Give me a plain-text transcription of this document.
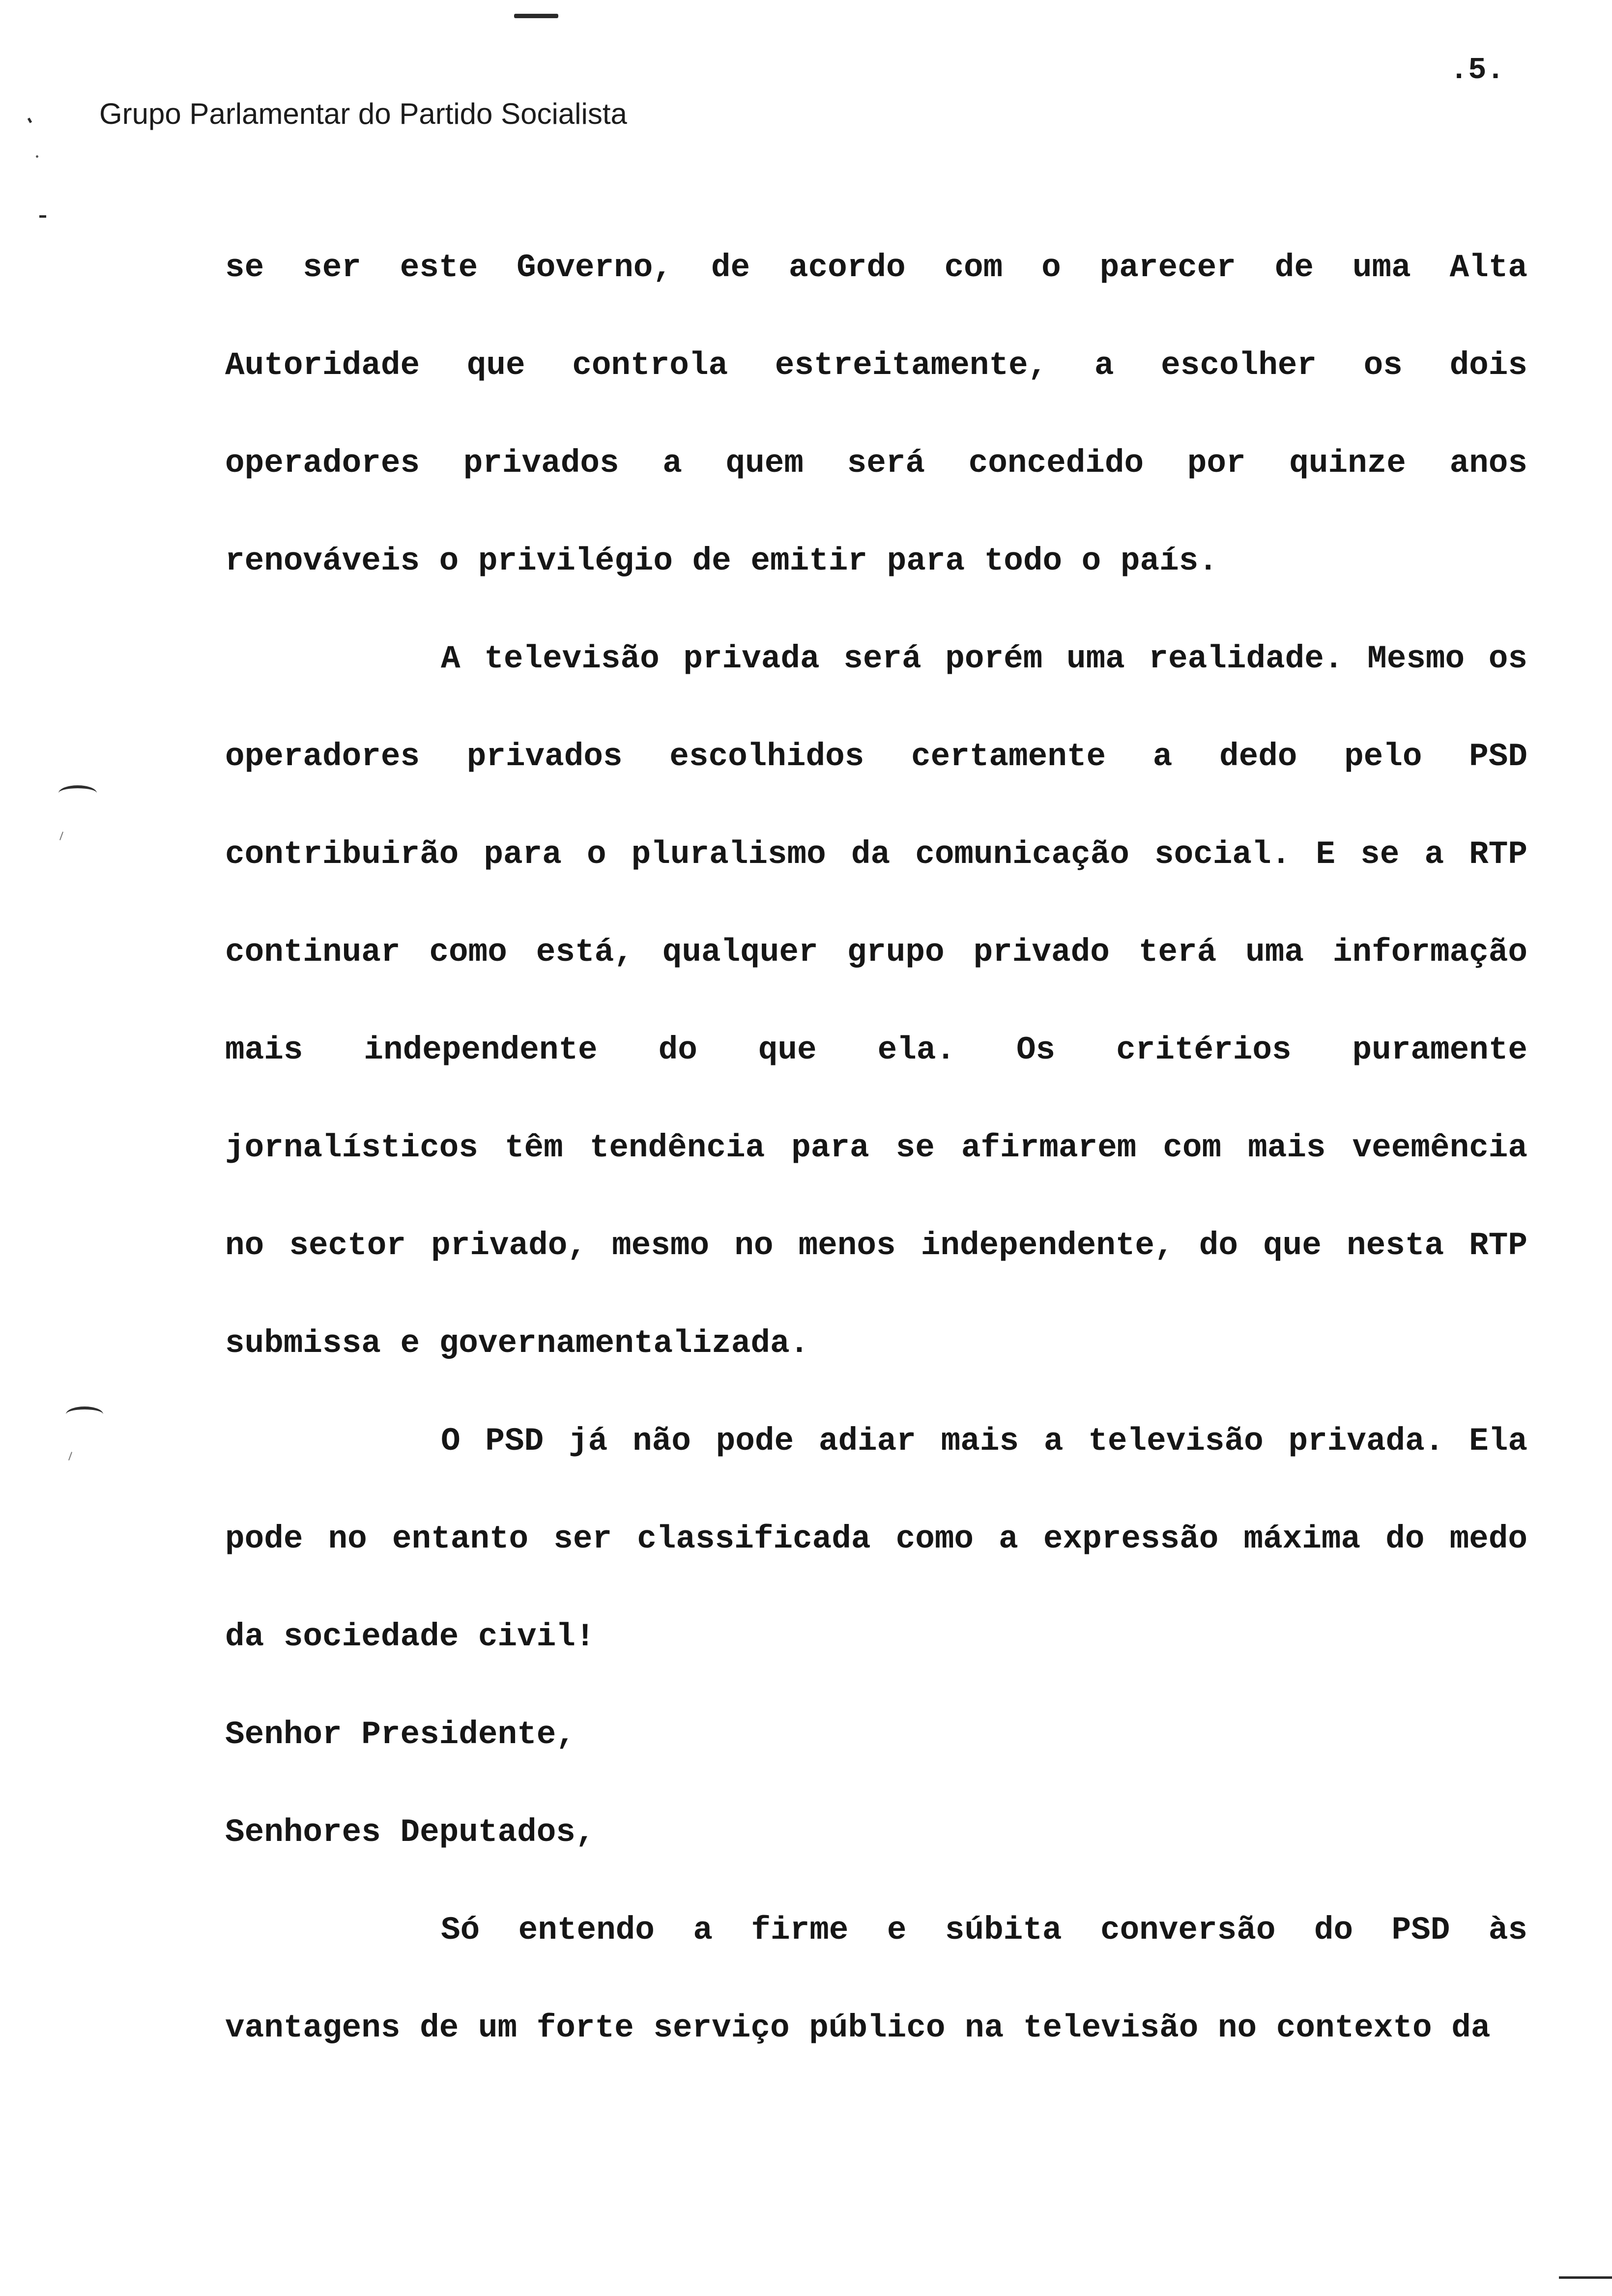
Grupo Parlamentar do Partido Socialista
.5.
se ser este Governo, de acordo com o parecer de uma Alta
Autoridade que controla estreitamente, a escolher os dois
operadores privados a quem será concedido por quinze anos
renováveis o privilégio de emitir para todo o país.
A televisão privada será porém uma realidade. Mesmo os
operadores privados escolhidos certamente a dedo pelo PSD
contribuirão para o pluralismo da comunicação social. E se a RTP
continuar como está, qualquer grupo privado terá uma informação
mais independente do que ela. Os critérios puramente
jornalísticos têm tendência para se afirmarem com mais veemência
no sector privado, mesmo no menos independente, do que nesta RTP
submissa e governamentalizada.
O PSD já não pode adiar mais a televisão privada. Ela
pode no entanto ser classificada como a expressão máxima do medo
da sociedade civil!
Senhor Presidente,
Senhores Deputados,
Só entendo a firme e súbita conversão do PSD às
vantagens de um forte serviço público na televisão no contexto da
